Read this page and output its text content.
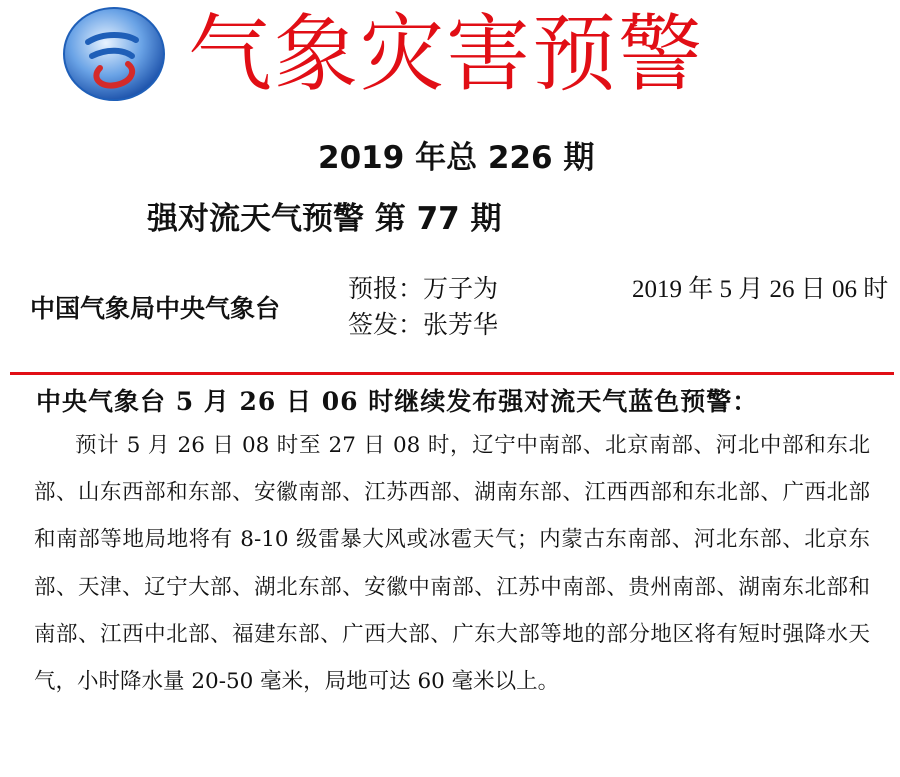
气象灾害预警
2019 年总 226 期
强对流天气预警 第 77 期
中国气象局中央气象台
预报：万子为
签发：张芳华
2019 年 5 月 26 日 06 时
中央气象台 5 月 26 日 06 时继续发布强对流天气蓝色预警：

预计 5 月 26 日 08 时至 27 日 08 时，辽宁中南部、北京南部、河北中部和东北部、山东西部和东部、安徽南部、江苏西部、湖南东部、江西西部和东北部、广西北部和南部等地局地将有 8-10 级雷暴大风或冰雹天气；内蒙古东南部、河北东部、北京东部、天津、辽宁大部、湖北东部、安徽中南部、江苏中南部、贵州南部、湖南东北部和南部、江西中北部、福建东部、广西大部、广东大部等地的部分地区将有短时强降水天气，小时降水量 20-50 毫米，局地可达 60 毫米以上。
